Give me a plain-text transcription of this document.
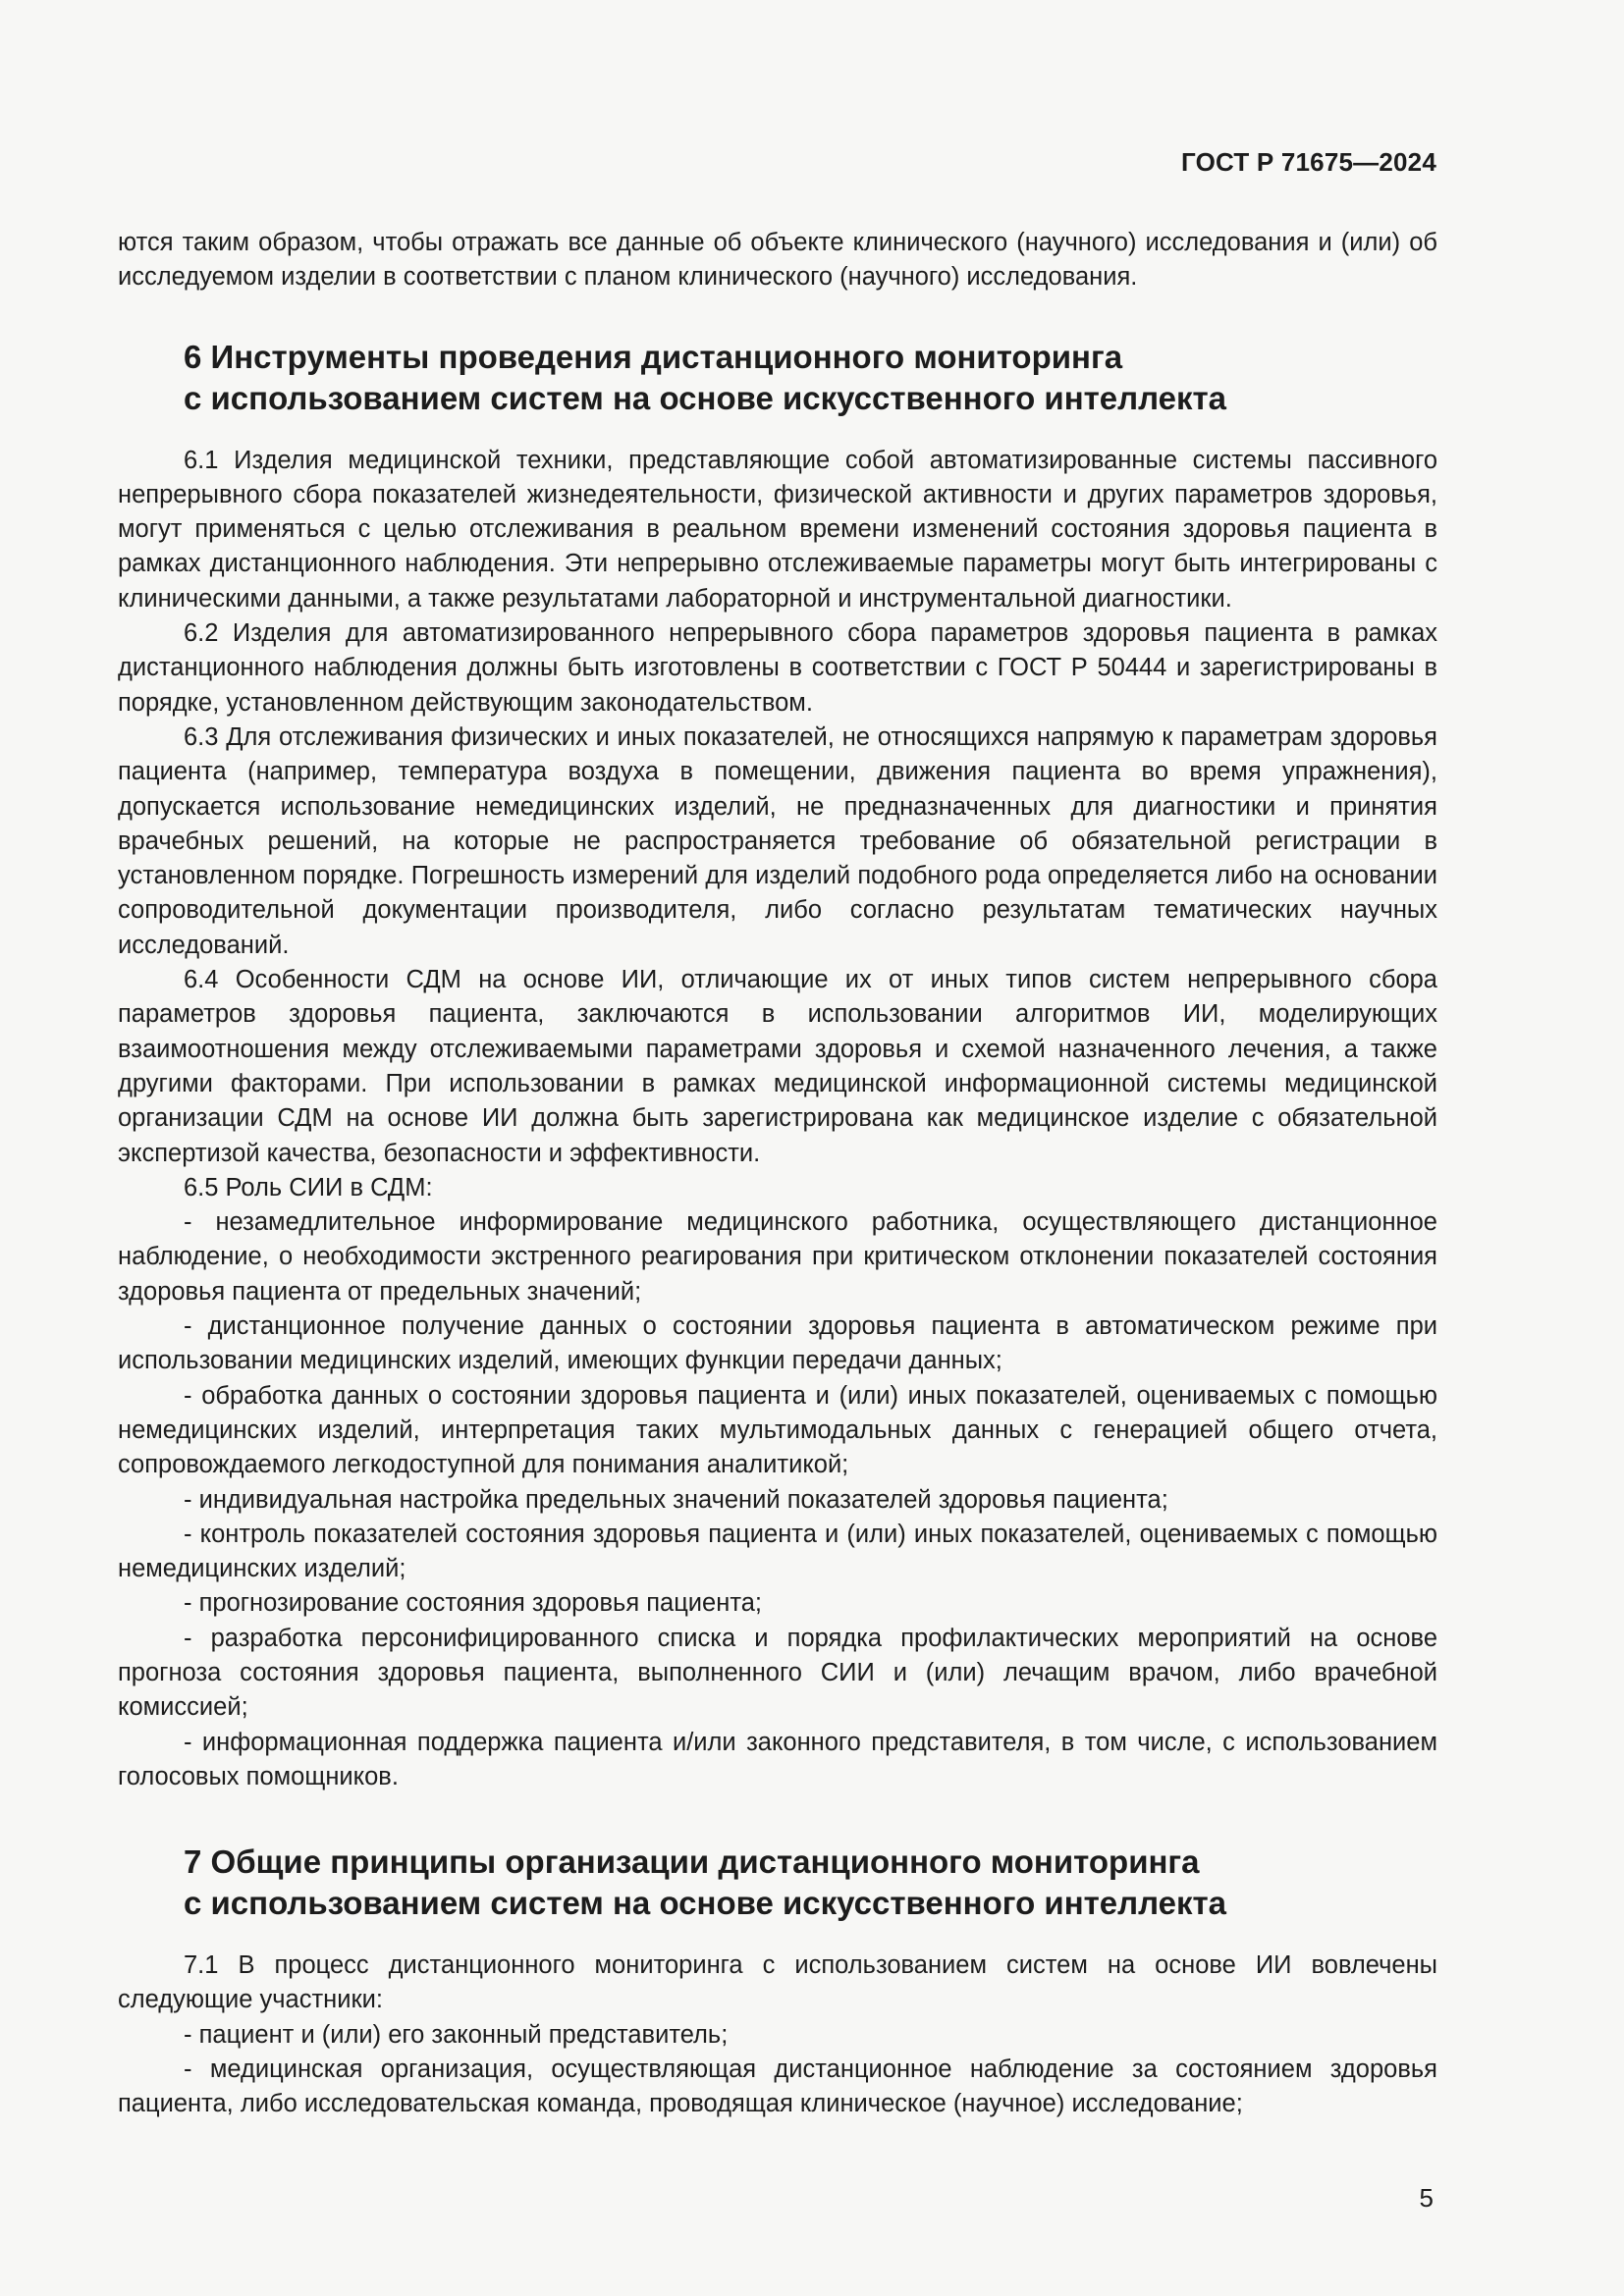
ГОСТ Р 71675—2024

ются таким образом, чтобы отражать все данные об объекте клинического (научного) исследования и (или) об исследуемом изделии в соответствии с планом клинического (научного) исследования.

6 Инструменты проведения дистанционного мониторинга
с использованием систем на основе искусственного интеллекта

6.1 Изделия медицинской техники, представляющие собой автоматизированные системы пассивного непрерывного сбора показателей жизнедеятельности, физической активности и других параметров здоровья, могут применяться с целью отслеживания в реальном времени изменений состояния здоровья пациента в рамках дистанционного наблюдения. Эти непрерывно отслеживаемые параметры могут быть интегрированы с клиническими данными, а также результатами лабораторной и инструментальной диагностики.

6.2 Изделия для автоматизированного непрерывного сбора параметров здоровья пациента в рамках дистанционного наблюдения должны быть изготовлены в соответствии с ГОСТ Р 50444 и зарегистрированы в порядке, установленном действующим законодательством.

6.3 Для отслеживания физических и иных показателей, не относящихся напрямую к параметрам здоровья пациента (например, температура воздуха в помещении, движения пациента во время упражнения), допускается использование немедицинских изделий, не предназначенных для диагностики и принятия врачебных решений, на которые не распространяется требование об обязательной регистрации в установленном порядке. Погрешность измерений для изделий подобного рода определяется либо на основании сопроводительной документации производителя, либо согласно результатам тематических научных исследований.

6.4 Особенности СДМ на основе ИИ, отличающие их от иных типов систем непрерывного сбора параметров здоровья пациента, заключаются в использовании алгоритмов ИИ, моделирующих взаимоотношения между отслеживаемыми параметрами здоровья и схемой назначенного лечения, а также другими факторами. При использовании в рамках медицинской информационной системы медицинской организации СДМ на основе ИИ должна быть зарегистрирована как медицинское изделие с обязательной экспертизой качества, безопасности и эффективности.

6.5 Роль СИИ в СДМ:

- незамедлительное информирование медицинского работника, осуществляющего дистанционное наблюдение, о необходимости экстренного реагирования при критическом отклонении показателей состояния здоровья пациента от предельных значений;

- дистанционное получение данных о состоянии здоровья пациента в автоматическом режиме при использовании медицинских изделий, имеющих функции передачи данных;

- обработка данных о состоянии здоровья пациента и (или) иных показателей, оцениваемых с помощью немедицинских изделий, интерпретация таких мультимодальных данных с генерацией общего отчета, сопровождаемого легкодоступной для понимания аналитикой;

- индивидуальная настройка предельных значений показателей здоровья пациента;

- контроль показателей состояния здоровья пациента и (или) иных показателей, оцениваемых с помощью немедицинских изделий;

- прогнозирование состояния здоровья пациента;

- разработка персонифицированного списка и порядка профилактических мероприятий на основе прогноза состояния здоровья пациента, выполненного СИИ и (или) лечащим врачом, либо врачебной комиссией;

- информационная поддержка пациента и/или законного представителя, в том числе, с использованием голосовых помощников.

7 Общие принципы организации дистанционного мониторинга
с использованием систем на основе искусственного интеллекта

7.1 В процесс дистанционного мониторинга с использованием систем на основе ИИ вовлечены следующие участники:

- пациент и (или) его законный представитель;

- медицинская организация, осуществляющая дистанционное наблюдение за состоянием здоровья пациента, либо исследовательская команда, проводящая клиническое (научное) исследование;

5
